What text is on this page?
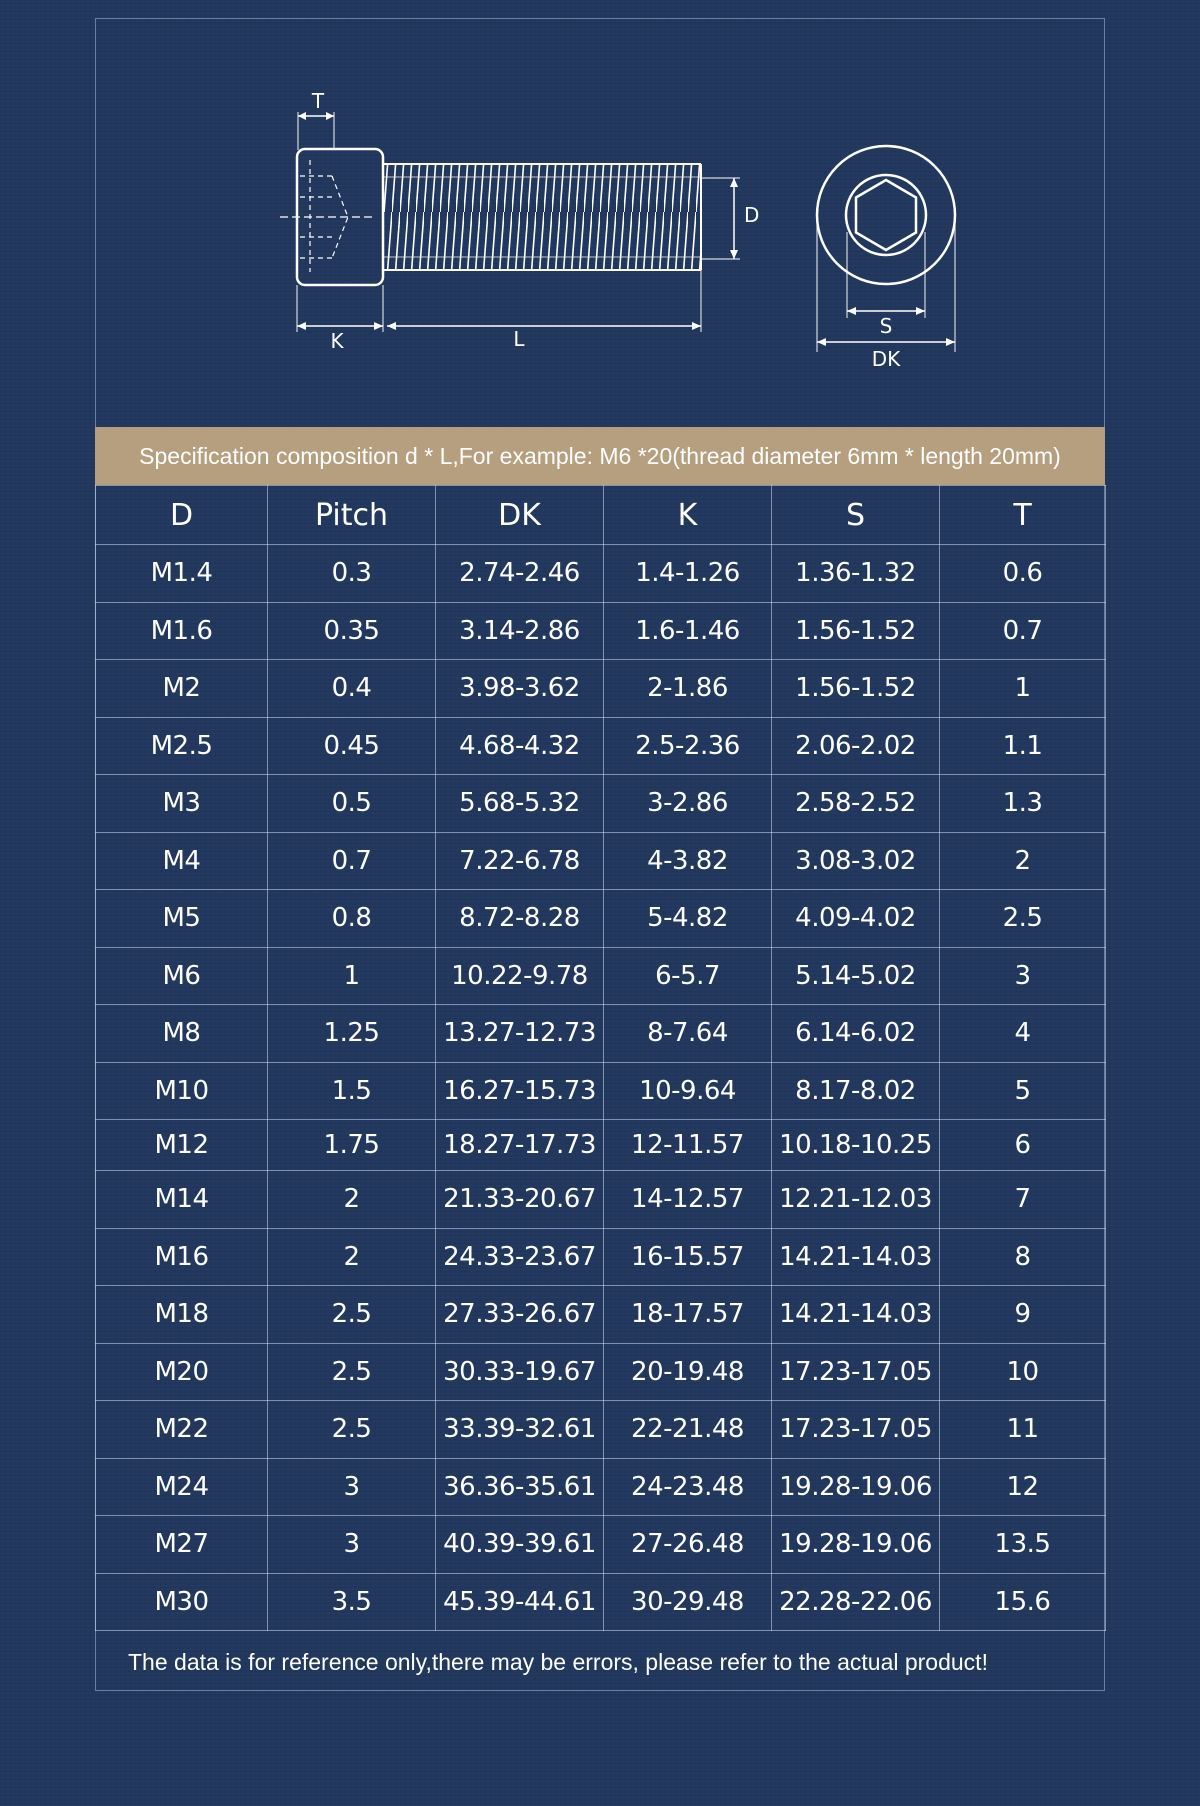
T
D
K	L
S
DK
Specification composition d * L,For example: M6 *20(thread diameter 6mm * length 20mm)
D	Pitch	DK	K	S	T
M1.4	0.3	2.74-2.46	1.4-1.26	1.36-1.32	0.6
M1.6	0.35	3.14-2.86	1.6-1.46	1.56-1.52	0.7
M2	0.4	3.98-3.62	2-1.86	1.56-1.52	1
M2.5	0.45	4.68-4.32	2.5-2.36	2.06-2.02	1.1
M3	0.5	5.68-5.32	3-2.86	2.58-2.52	1.3
M4	0.7	7.22-6.78	4-3.82	3.08-3.02	2
M5	0.8	8.72-8.28	5-4.82	4.09-4.02	2.5
M6	1	10.22-9.78	6-5.7	5.14-5.02	3
M8	1.25	13.27-12.73	8-7.64	6.14-6.02	4
M10	1.5	16.27-15.73	10-9.64	8.17-8.02	5
M12	1.75	18.27-17.73	12-11.57	10.18-10.25	6
M14	2	21.33-20.67	14-12.57	12.21-12.03	7
M16	2	24.33-23.67	16-15.57	14.21-14.03	8
M18	2.5	27.33-26.67	18-17.57	14.21-14.03	9
M20	2.5	30.33-19.67	20-19.48	17.23-17.05	10
M22	2.5	33.39-32.61	22-21.48	17.23-17.05	11
M24	3	36.36-35.61	24-23.48	19.28-19.06	12
M27	3	40.39-39.61	27-26.48	19.28-19.06	13.5
M30	3.5	45.39-44.61	30-29.48	22.28-22.06	15.6
The data is for reference only,there may be errors, please refer to the actual product!
